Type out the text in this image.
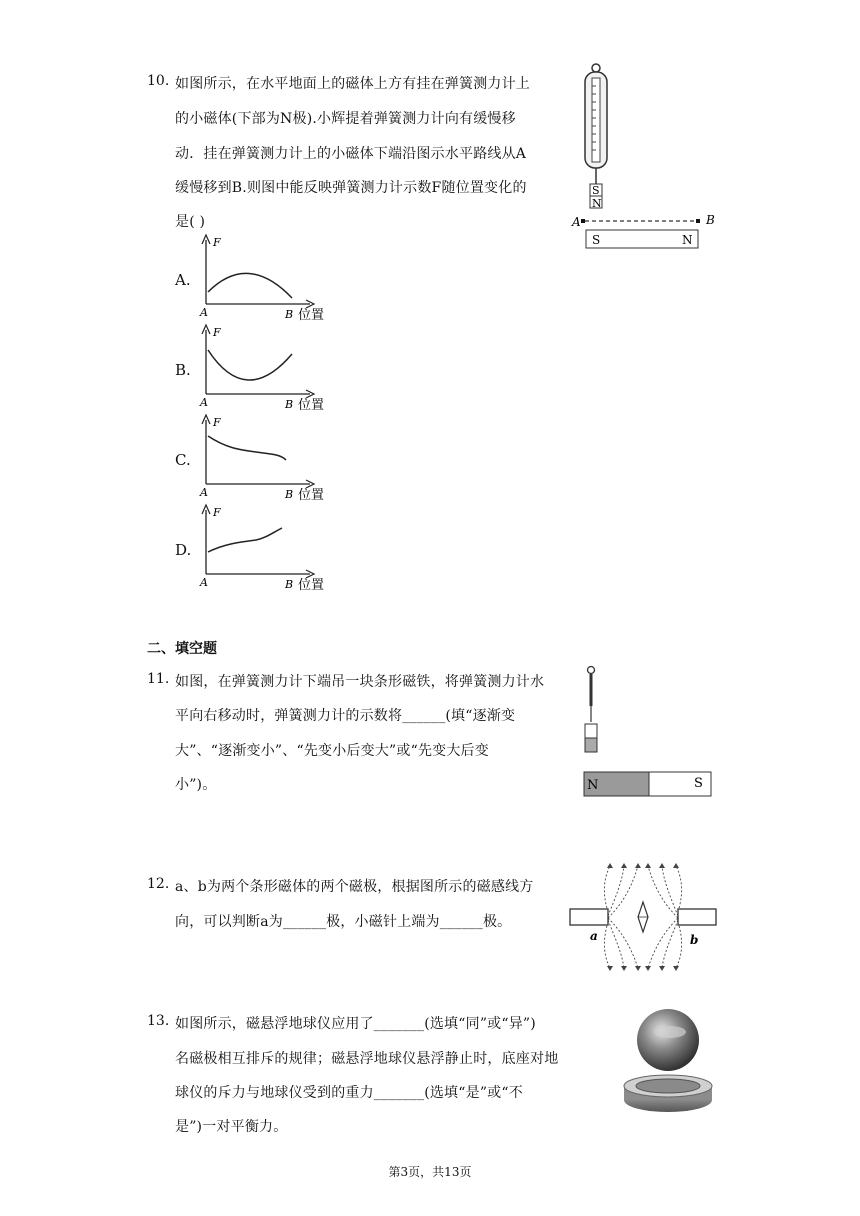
10. 如图所示，在水平地面上的磁体上方有挂在弹簧测力计上
的小磁体(下部为N极).小辉提着弹簧测力计向有缓慢移
动．挂在弹簧测力计上的小磁体下端沿图示水平路线从A
缓慢移到B.则图中能反映弹簧测力计示数F随位置变化的
是( )
S
N
A	B
S	N
A.
B.
C.
D.
F
A	B 位置
F
A	B 位置
F
A	B 位置
F
A	B 位置
二、填空题
11. 如图，在弹簧测力计下端吊一块条形磁铁，将弹簧测力计水
平向右移动时，弹簧测力计的示数将______(填“逐渐变
大”、“逐渐变小”、“先变小后变大”或“先变大后变
小”)。	N	S
12. a、b为两个条形磁体的两个磁极，根据图所示的磁感线方
向，可以判断a为______极，小磁针上端为______极。
a	b
13. 如图所示，磁悬浮地球仪应用了_______(选填“同”或“异”)
名磁极相互排斥的规律；磁悬浮地球仪悬浮静止时，底座对地
球仪的斥力与地球仪受到的重力_______(选填“是”或“不
是”)一对平衡力。
第3页，共13页
